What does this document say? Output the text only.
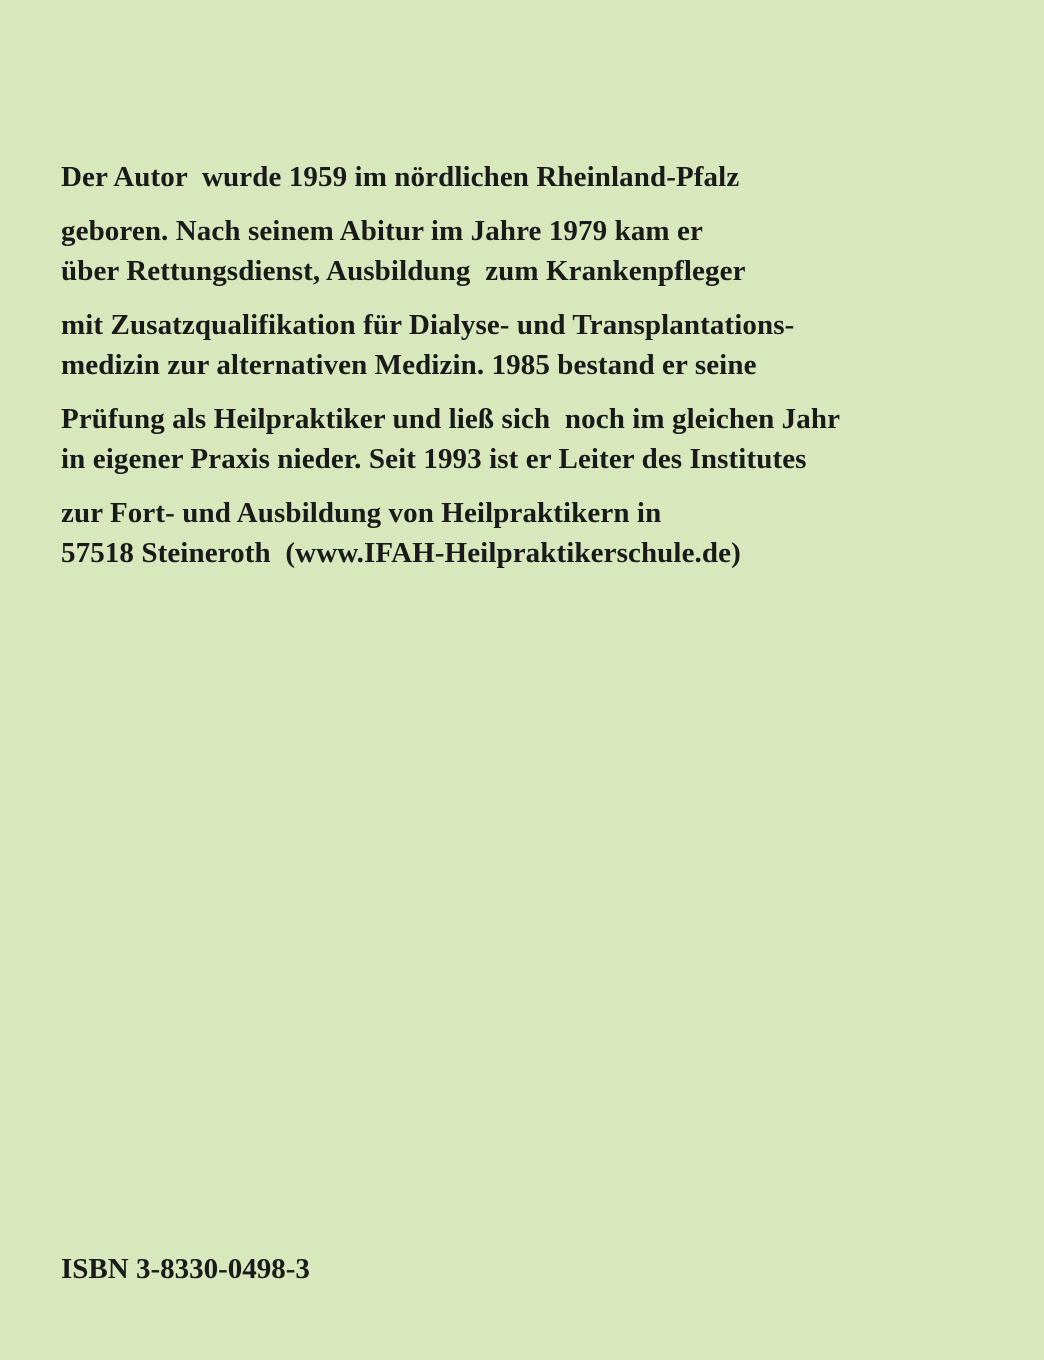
Der Autor  wurde 1959 im nördlichen Rheinland-Pfalz
geboren. Nach seinem Abitur im Jahre 1979 kam er
über Rettungsdienst, Ausbildung  zum Krankenpfleger
mit Zusatzqualifikation für Dialyse- und Transplantations-
medizin zur alternativen Medizin. 1985 bestand er seine
Prüfung als Heilpraktiker und ließ sich  noch im gleichen Jahr
in eigener Praxis nieder. Seit 1993 ist er Leiter des Institutes
zur Fort- und Ausbildung von Heilpraktikern in
57518 Steineroth  (www.IFAH-Heilpraktikerschule.de)
ISBN 3-8330-0498-3
